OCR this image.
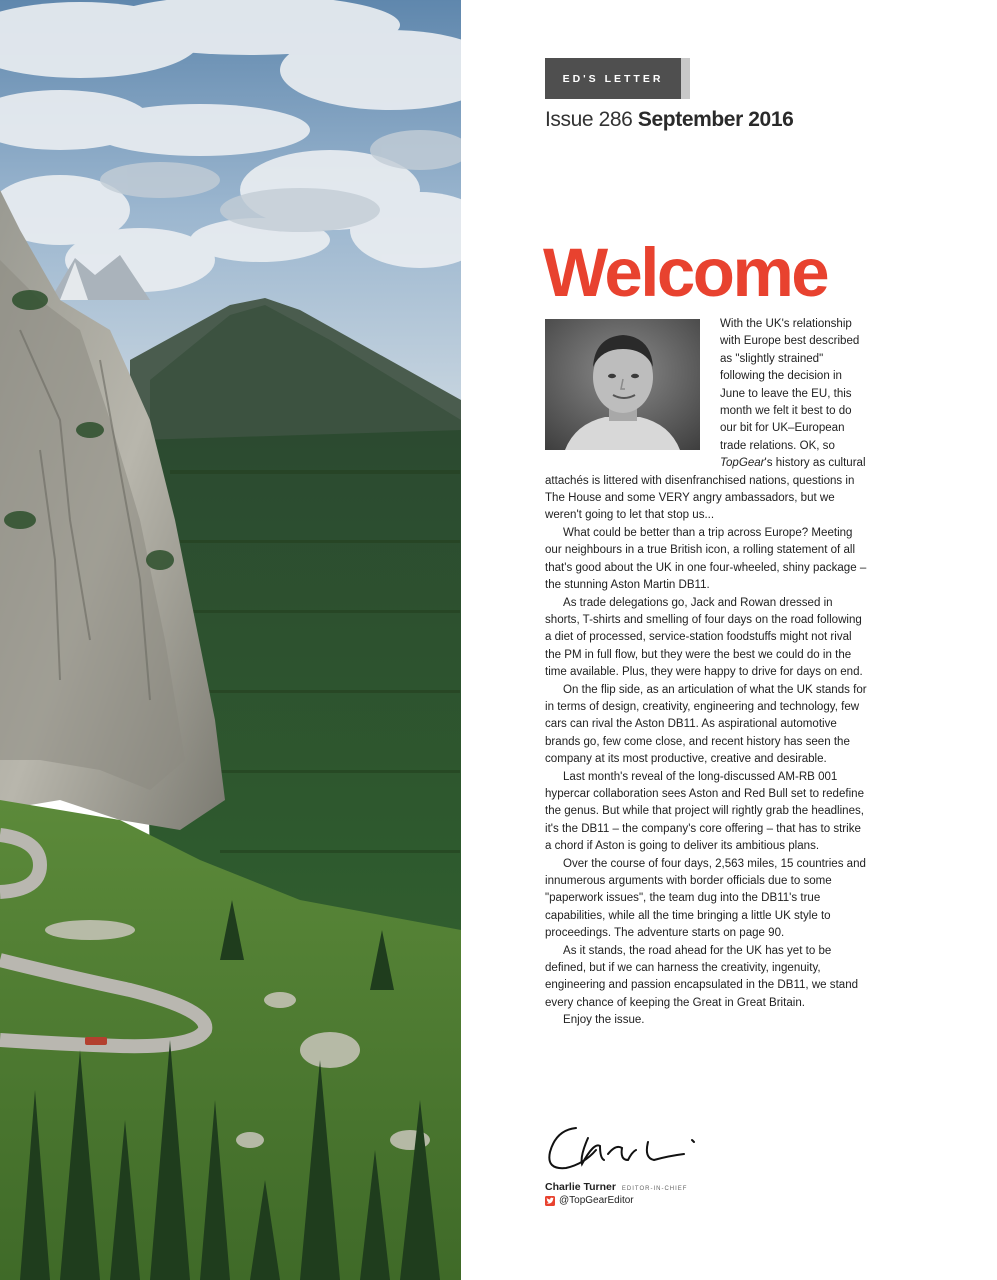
ED'S LETTER
Issue 286 September 2016
Welcome

With the UK's relationship with Europe best described as "slightly strained" following the decision in June to leave the EU, this month we felt it best to do our bit for UK–European trade relations. OK, so TopGear's history as cultural attachés is littered with disenfranchised nations, questions in The House and some VERY angry ambassadors, but we weren't going to let that stop us...

What could be better than a trip across Europe? Meeting our neighbours in a true British icon, a rolling statement of all that's good about the UK in one four-wheeled, shiny package – the stunning Aston Martin DB11.

As trade delegations go, Jack and Rowan dressed in shorts, T-shirts and smelling of four days on the road following a diet of processed, service-station foodstuffs might not rival the PM in full flow, but they were the best we could do in the time available. Plus, they were happy to drive for days on end.

On the flip side, as an articulation of what the UK stands for in terms of design, creativity, engineering and technology, few cars can rival the Aston DB11. As aspirational automotive brands go, few come close, and recent history has seen the company at its most productive, creative and desirable.

Last month's reveal of the long-discussed AM-RB 001 hypercar collaboration sees Aston and Red Bull set to redefine the genus. But while that project will rightly grab the headlines, it's the DB11 – the company's core offering – that has to strike a chord if Aston is going to deliver its ambitious plans.

Over the course of four days, 2,563 miles, 15 countries and innumerous arguments with border officials due to some "paperwork issues", the team dug into the DB11's true capabilities, while all the time bringing a little UK style to proceedings. The adventure starts on page 90.

As it stands, the road ahead for the UK has yet to be defined, but if we can harness the creativity, ingenuity, engineering and passion encapsulated in the DB11, we stand every chance of keeping the Great in Great Britain.

Enjoy the issue.

Charlie Turner EDITOR-IN-CHIEF
@TopGearEditor
